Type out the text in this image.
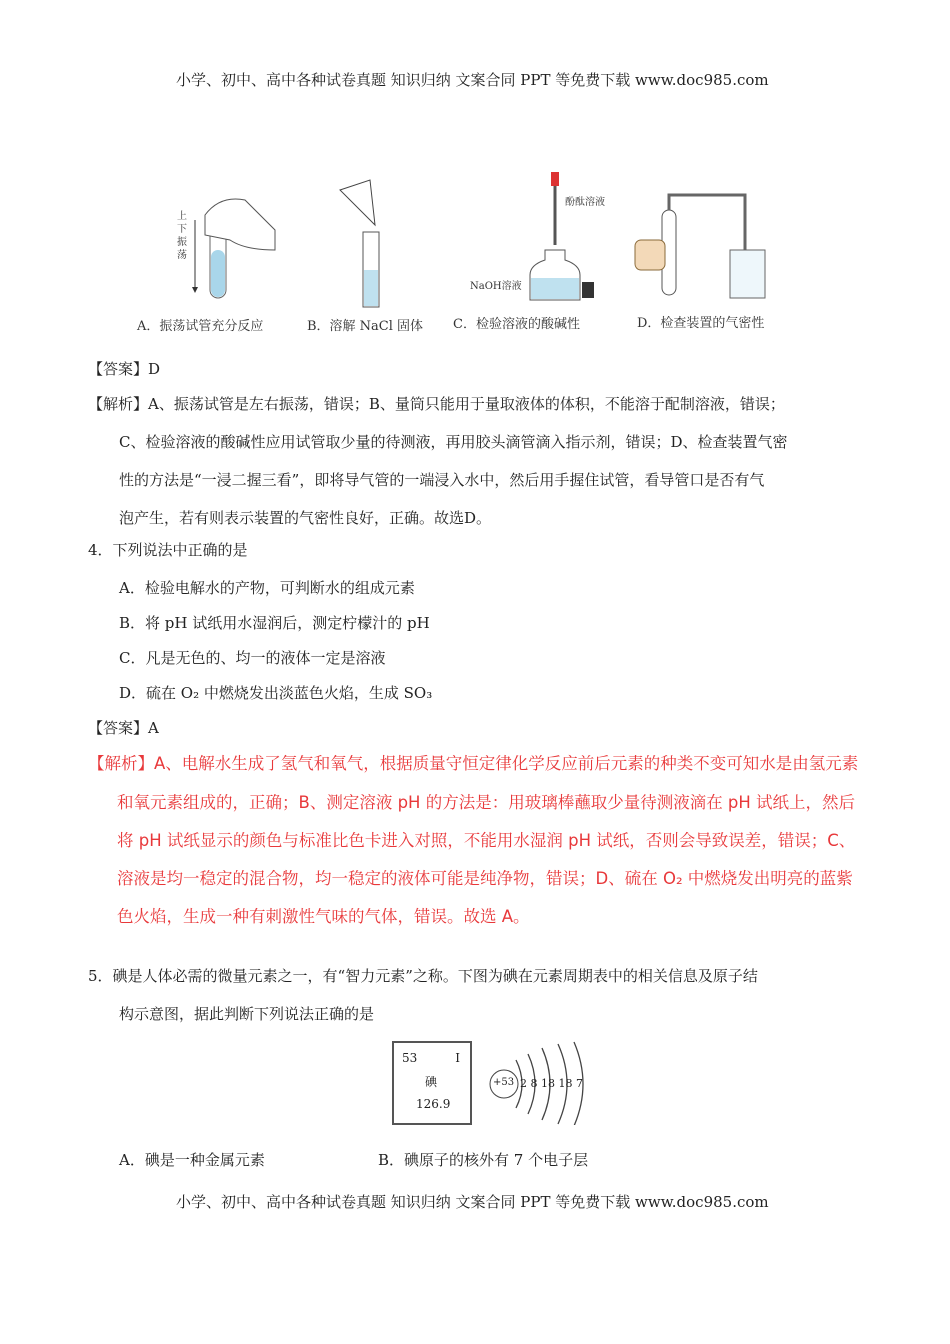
小学、初中、高中各种试卷真题 知识归纳 文案合同 PPT 等免费下载 www.doc985.com
上下振荡
酚酞溶液
NaOH溶液
A．振荡试管充分反应	B．溶解 NaCl 固体 C．检验溶液的酸碱性	D．检查装置的气密性
【答案】D
【解析】A、振荡试管是左右振荡，错误；B、量筒只能用于量取液体的体积，不能溶于配制溶液，错误；
C、检验溶液的酸碱性应用试管取少量的待测液，再用胶头滴管滴入指示剂，错误；D、检查装置气密
性的方法是“一浸二握三看”，即将导气管的一端浸入水中，然后用手握住试管，看导管口是否有气
泡产生，若有则表示装置的气密性良好，正确。故选D。
4．下列说法中正确的是
A．检验电解水的产物，可判断水的组成元素
B．将 pH 试纸用水湿润后，测定柠檬汁的 pH
C．凡是无色的、均一的液体一定是溶液
D．硫在 O₂ 中燃烧发出淡蓝色火焰，生成 SO₃
【答案】A
【解析】A、电解水生成了氢气和氧气，根据质量守恒定律化学反应前后元素的种类不变可知水是由氢元素
和氧元素组成的，正确；B、测定溶液 pH 的方法是：用玻璃棒蘸取少量待测液滴在 pH 试纸上，然后
将 pH 试纸显示的颜色与标准比色卡进入对照，不能用水湿润 pH 试纸，否则会导致误差，错误；C、
溶液是均一稳定的混合物，均一稳定的液体可能是纯净物，错误；D、硫在 O₂ 中燃烧发出明亮的蓝紫
色火焰，生成一种有刺激性气味的气体，错误。故选 A。
5．碘是人体必需的微量元素之一，有“智力元素”之称。下图为碘在元素周期表中的相关信息及原子结
构示意图，据此判断下列说法正确的是
53	I
碘
126.9
+53 2 8 18 18 7
A．碘是一种金属元素	B．碘原子的核外有 7 个电子层
小学、初中、高中各种试卷真题 知识归纳 文案合同 PPT 等免费下载 www.doc985.com
